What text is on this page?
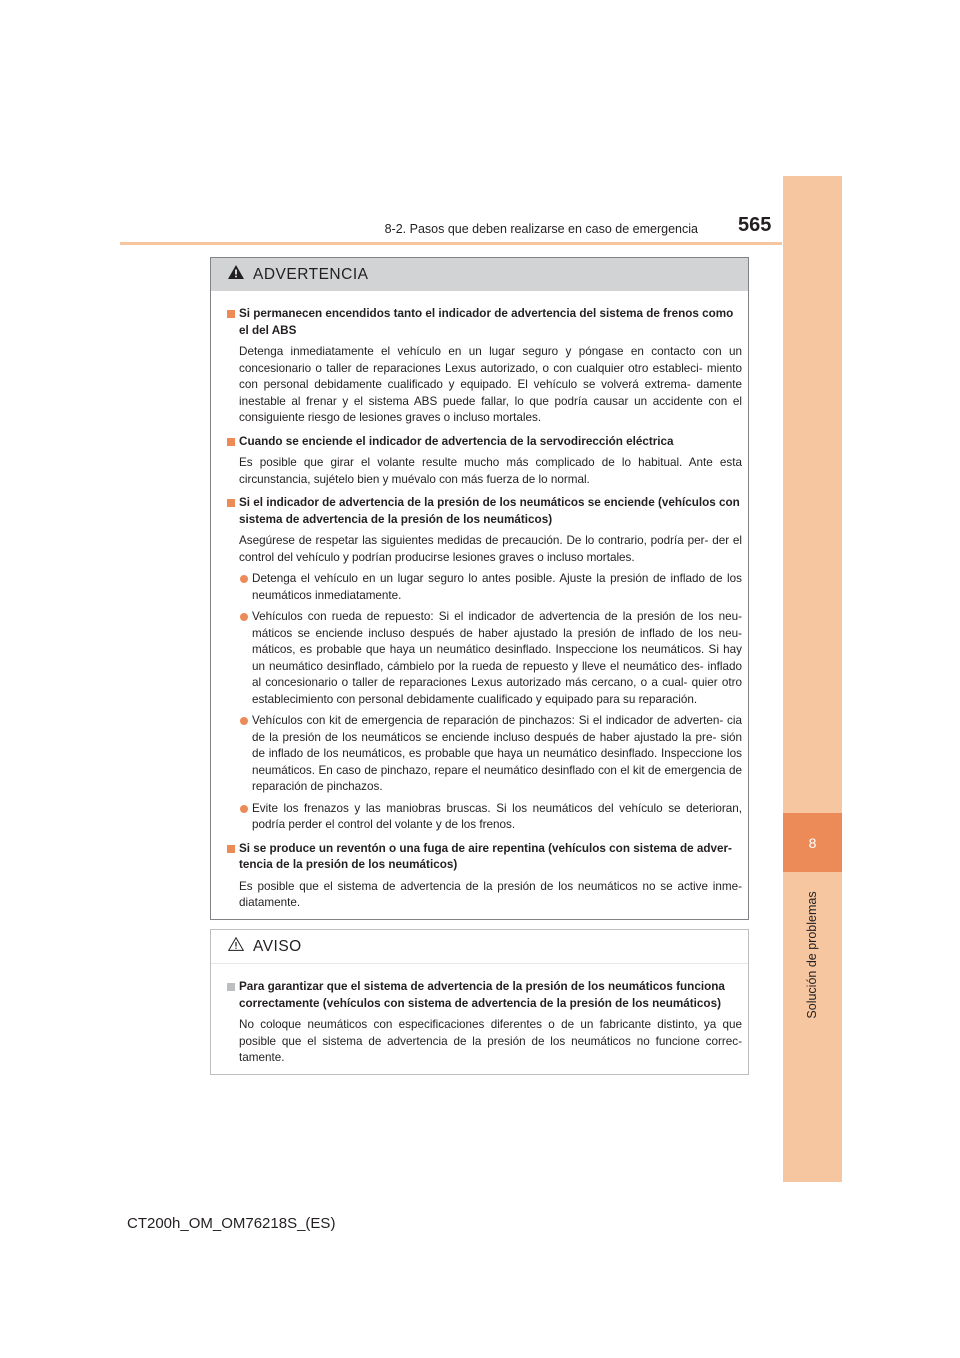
8
Solución de problemas
8-2. Pasos que deben realizarse en caso de emergencia 565
ADVERTENCIA
Si permanecen encendidos tanto el indicador de advertencia del sistema de frenos como el del ABS
Detenga inmediatamente el vehículo en un lugar seguro y póngase en contacto con un concesionario o taller de reparaciones Lexus autorizado, o con cualquier otro estableci- miento con personal debidamente cualificado y equipado. El vehículo se volverá extrema- damente inestable al frenar y el sistema ABS puede fallar, lo que podría causar un accidente con el consiguiente riesgo de lesiones graves o incluso mortales.
Cuando se enciende el indicador de advertencia de la servodirección eléctrica
Es posible que girar el volante resulte mucho más complicado de lo habitual. Ante esta circunstancia, sujételo bien y muévalo con más fuerza de lo normal.
Si el indicador de advertencia de la presión de los neumáticos se enciende (vehículos con sistema de advertencia de la presión de los neumáticos)
Asegúrese de respetar las siguientes medidas de precaución. De lo contrario, podría per- der el control del vehículo y podrían producirse lesiones graves o incluso mortales.
Detenga el vehículo en un lugar seguro lo antes posible. Ajuste la presión de inflado de los neumáticos inmediatamente.
Vehículos con rueda de repuesto: Si el indicador de advertencia de la presión de los neu- máticos se enciende incluso después de haber ajustado la presión de inflado de los neu- máticos, es probable que haya un neumático desinflado. Inspeccione los neumáticos. Si hay un neumático desinflado, cámbielo por la rueda de repuesto y lleve el neumático des- inflado al concesionario o taller de reparaciones Lexus autorizado más cercano, o a cual- quier otro establecimiento con personal debidamente cualificado y equipado para su reparación.
Vehículos con kit de emergencia de reparación de pinchazos: Si el indicador de adverten- cia de la presión de los neumáticos se enciende incluso después de haber ajustado la pre- sión de inflado de los neumáticos, es probable que haya un neumático desinflado. Inspeccione los neumáticos. En caso de pinchazo, repare el neumático desinflado con el kit de emergencia de reparación de pinchazos.
Evite los frenazos y las maniobras bruscas. Si los neumáticos del vehículo se deterioran, podría perder el control del volante y de los frenos.
Si se produce un reventón o una fuga de aire repentina (vehículos con sistema de adver- tencia de la presión de los neumáticos)
Es posible que el sistema de advertencia de la presión de los neumáticos no se active inme- diatamente.
AVISO
Para garantizar que el sistema de advertencia de la presión de los neumáticos funciona correctamente (vehículos con sistema de advertencia de la presión de los neumáticos)
No coloque neumáticos con especificaciones diferentes o de un fabricante distinto, ya que posible que el sistema de advertencia de la presión de los neumáticos no funcione correc- tamente.
CT200h_OM_OM76218S_(ES)
